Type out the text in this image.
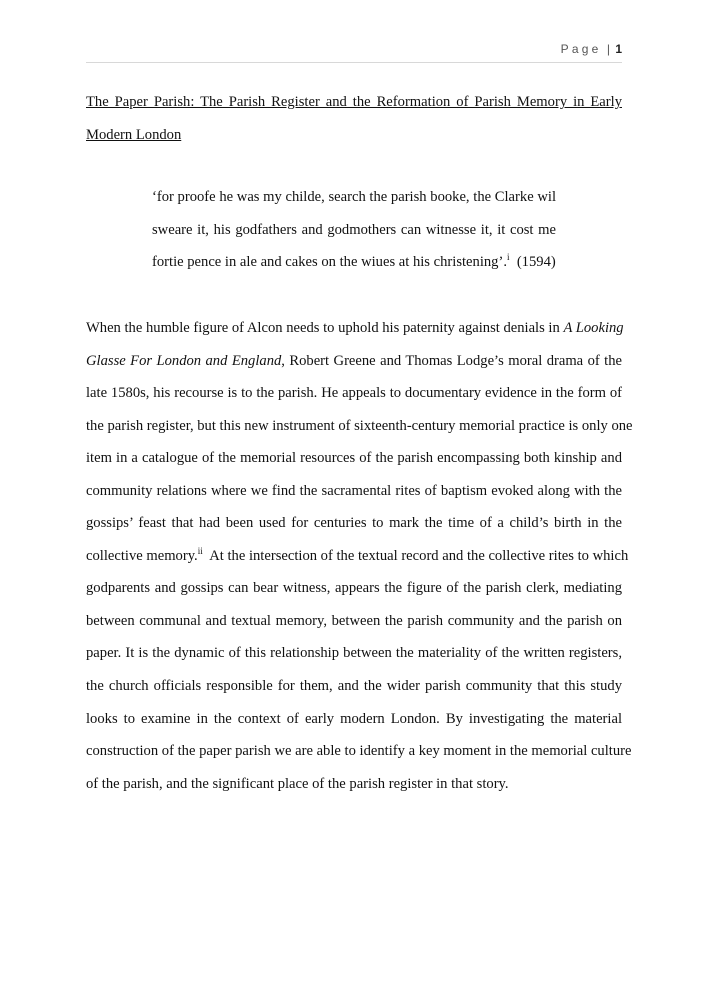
Page | 1

The Paper Parish: The Parish Register and the Reformation of Parish Memory in Early Modern London

‘for proofe he was my childe, search the parish booke, the Clarke wil
sweare it, his godfathers and godmothers can witnesse it, it cost me
fortie pence in ale and cakes on the wiues at his christening’.$^i$ (1594)

When the humble figure of Alcon needs to uphold his paternity against denials in A Looking
Glasse For London and England, Robert Greene and Thomas Lodge’s moral drama of the
late 1580s, his recourse is to the parish. He appeals to documentary evidence in the form of
the parish register, but this new instrument of sixteenth-century memorial practice is only one
item in a catalogue of the memorial resources of the parish encompassing both kinship and
community relations where we find the sacramental rites of baptism evoked along with the
gossips’ feast that had been used for centuries to mark the time of a child’s birth in the
collective memory.$^{ii}$ At the intersection of the textual record and the collective rites to which
godparents and gossips can bear witness, appears the figure of the parish clerk, mediating
between communal and textual memory, between the parish community and the parish on
paper. It is the dynamic of this relationship between the materiality of the written registers,
the church officials responsible for them, and the wider parish community that this study
looks to examine in the context of early modern London. By investigating the material
construction of the paper parish we are able to identify a key moment in the memorial culture
of the parish, and the significant place of the parish register in that story.
